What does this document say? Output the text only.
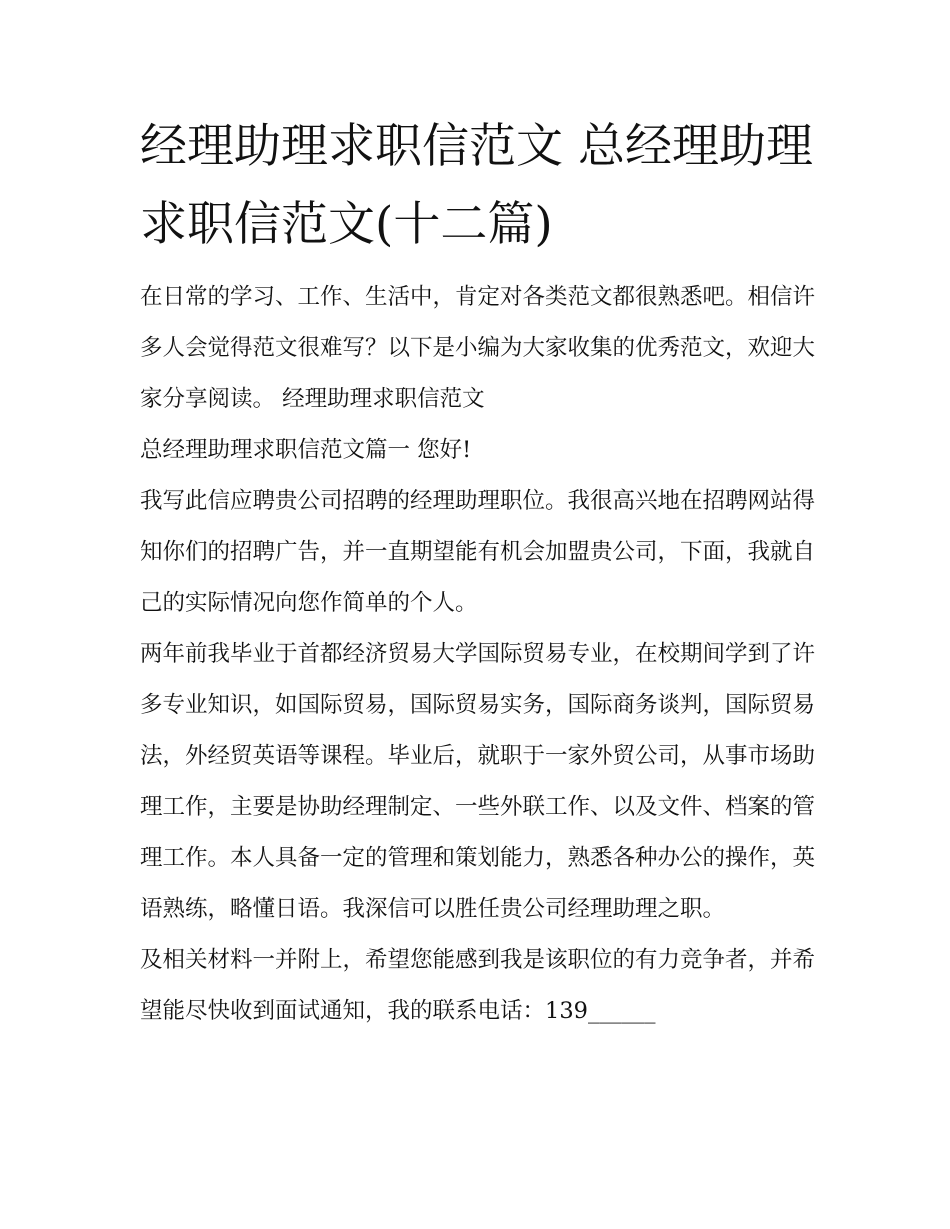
经理助理求职信范文 总经理助理求职信范文(十二篇)

在日常的学习、工作、生活中，肯定对各类范文都很熟悉吧。相信许多人会觉得范文很难写？以下是小编为大家收集的优秀范文，欢迎大家分享阅读。 经理助理求职信范文

总经理助理求职信范文篇一 您好!

我写此信应聘贵公司招聘的经理助理职位。我很高兴地在招聘网站得知你们的招聘广告，并一直期望能有机会加盟贵公司，下面，我就自己的实际情况向您作简单的个人。

两年前我毕业于首都经济贸易大学国际贸易专业，在校期间学到了许多专业知识，如国际贸易，国际贸易实务，国际商务谈判，国际贸易法，外经贸英语等课程。毕业后，就职于一家外贸公司，从事市场助理工作，主要是协助经理制定、一些外联工作、以及文件、档案的管理工作。本人具备一定的管理和策划能力，熟悉各种办公的操作，英语熟练，略懂日语。我深信可以胜任贵公司经理助理之职。

及相关材料一并附上，希望您能感到我是该职位的有力竞争者，并希望能尽快收到面试通知，我的联系电话：139______
